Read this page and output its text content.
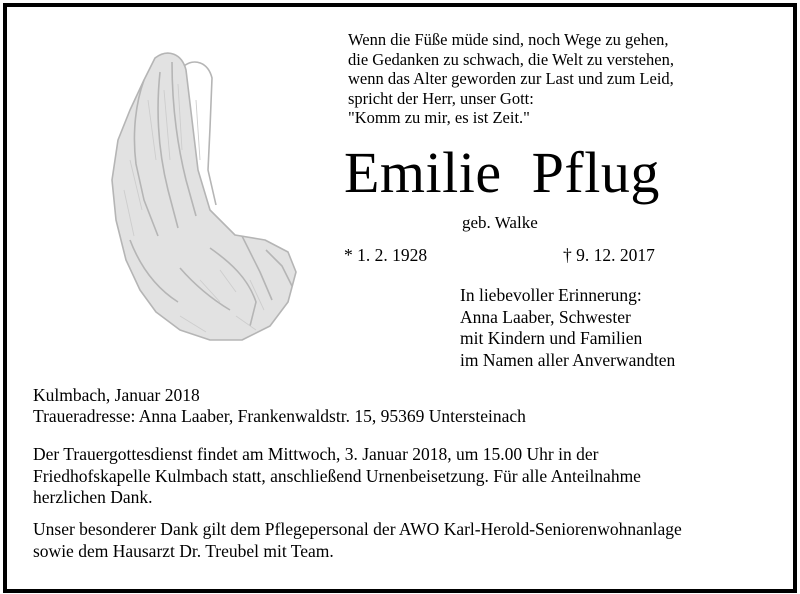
Wenn die Füße müde sind, noch Wege zu gehen,
die Gedanken zu schwach, die Welt zu verstehen,
wenn das Alter geworden zur Last und zum Leid,
spricht der Herr, unser Gott:
"Komm zu mir, es ist Zeit."
Emilie  Pflug
geb. Walke
* 1. 2. 1928	† 9. 12. 2017
In liebevoller Erinnerung:
Anna Laaber, Schwester
mit Kindern und Familien
im Namen aller Anverwandten
Kulmbach, Januar 2018
Traueradresse: Anna Laaber, Frankenwaldstr. 15, 95369 Untersteinach
Der Trauergottesdienst findet am Mittwoch, 3. Januar 2018, um 15.00 Uhr in der
Friedhofskapelle Kulmbach statt, anschließend Urnenbeisetzung. Für alle Anteilnahme
herzlichen Dank.
Unser besonderer Dank gilt dem Pflegepersonal der AWO Karl-Herold-Seniorenwohnanlage
sowie dem Hausarzt Dr. Treubel mit Team.
